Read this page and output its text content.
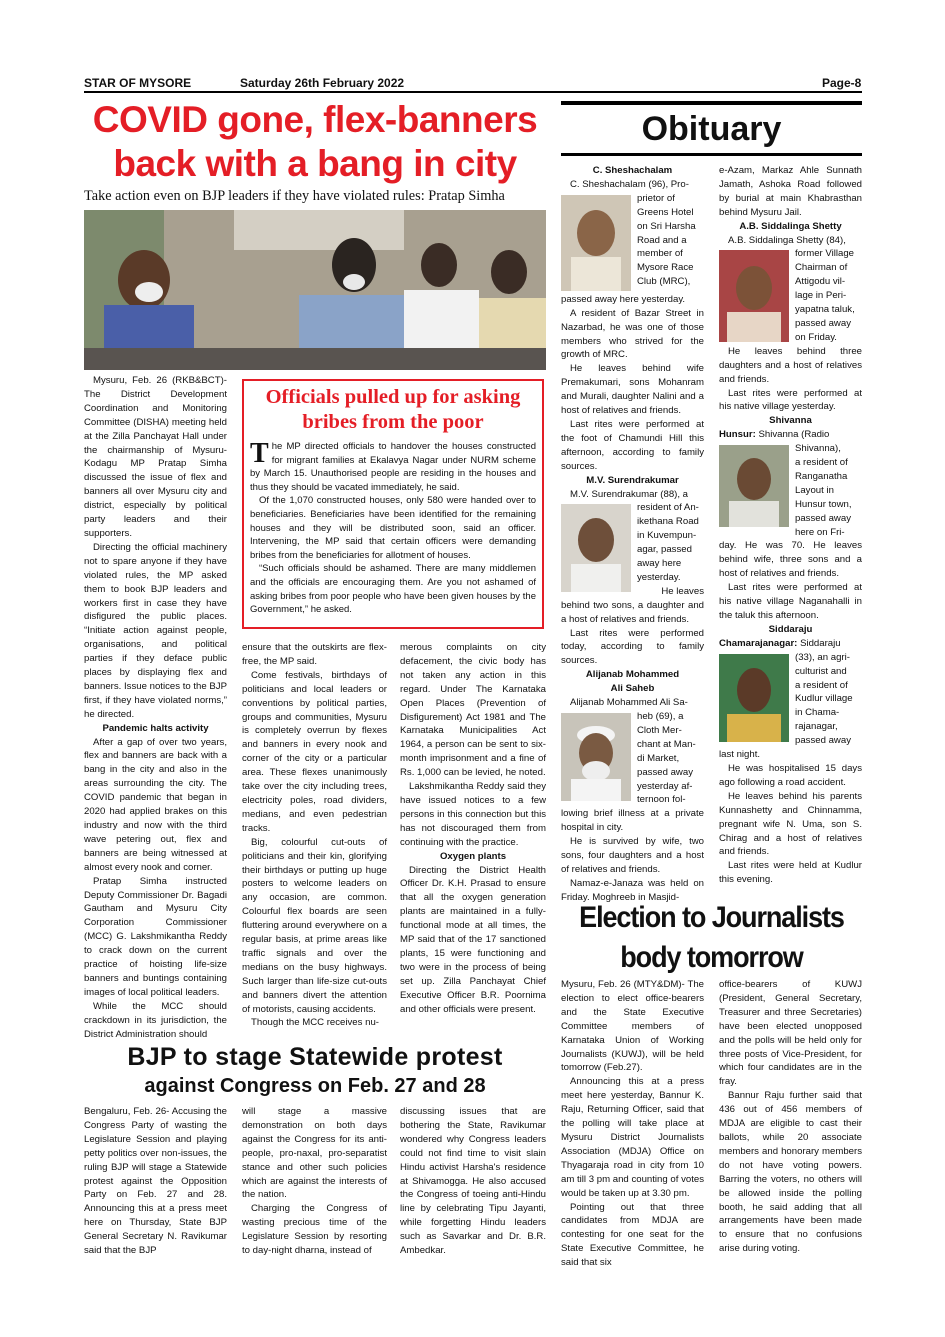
STAR OF MYSORE	Saturday 26th February 2022	Page-8
COVID gone, flex-banners
back with a bang in city
Take action even on BJP leaders if they have violated rules: Pratap Simha

Mysuru, Feb. 26 (RKB&BCT)- The District Development Coordination and Monitoring Committee (DISHA) meeting held at the Zilla Panchayat Hall under the chairmanship of Mysuru-Kodagu MP Pratap Simha discussed the issue of flex and banners all over Mysuru city and district, especially by political party leaders and their supporters.

Directing the official machinery not to spare anyone if they have violated rules, the MP asked them to book BJP leaders and workers first in case they have disfigured the public places. “Initiate action against people, organisations, and political parties if they deface public places by displaying flex and banners. Issue notices to the BJP first, if they have violated norms,” he directed.

Pandemic halts activity

After a gap of over two years, flex and banners are back with a bang in the city and also in the areas surrounding the city. The COVID pandemic that began in 2020 had applied brakes on this industry and now with the third wave petering out, flex and banners are being witnessed at almost every nook and corner.

Pratap Simha instructed Deputy Commissioner Dr. Bagadi Gautham and Mysuru City Corporation Commissioner (MCC) G. Lakshmikantha Reddy to crack down on the current practice of hoisting life-size banners and buntings containing images of local political leaders.

While the MCC should crackdown in its jurisdiction, the District Administration should

Officials pulled up for asking
bribes from the poor

The MP directed officials to handover the houses constructed for migrant families at Ekalavya Nagar under NURM scheme by March 15. Unauthorised people are residing in the houses and thus they should be vacated immediately, he said.

Of the 1,070 constructed houses, only 580 were handed over to beneficiaries. Beneficiaries have been identified for the remaining houses and they will be distributed soon, said an officer. Intervening, the MP said that certain officers were demanding bribes from the beneficiaries for allotment of houses.

“Such officials should be ashamed. There are many middlemen and the officials are encouraging them. Are you not ashamed of asking bribes from poor people who have been given houses by the Government,” he asked.

ensure that the outskirts are flex-free, the MP said.

Come festivals, birthdays of politicians and local leaders or conventions by political parties, groups and communities, Mysuru is completely overrun by flexes and banners in every nook and corner of the city or a particular area. These flexes unanimously take over the city including trees, electricity poles, road dividers, medians, and even pedestrian tracks.

Big, colourful cut-outs of politicians and their kin, glorifying their birthdays or putting up huge posters to welcome leaders on any occasion, are common. Colourful flex boards are seen fluttering around everywhere on a regular basis, at prime areas like traffic signals and over the medians on the busy highways. Such larger than life-size cut-outs and banners divert the attention of motorists, causing accidents.

Though the MCC receives nu-

merous complaints on city defacement, the civic body has not taken any action in this regard. Under The Karnataka Open Places (Prevention of Disfigurement) Act 1981 and The Karnataka Municipalities Act 1964, a person can be sent to six-month imprisonment and a fine of Rs. 1,000 can be levied, he noted.

Lakshmikantha Reddy said they have issued notices to a few persons in this connection but this has not discouraged them from continuing with the practice.

Oxygen plants

Directing the District Health Officer Dr. K.H. Prasad to ensure that all the oxygen generation plants are maintained in a fully-functional mode at all times, the MP said that of the 17 sanctioned plants, 15 were functioning and two were in the process of being set up. Zilla Panchayat Chief Executive Officer B.R. Poornima and other officials were present.

Obituary

C. Sheshachalam

C. Sheshachalam (96), Pro-

prietor of
Greens Hotel
on Sri Harsha
Road and a
member of
Mysore Race
Club (MRC),

passed away here yesterday.

A resident of Bazar Street in Nazarbad, he was one of those members who strived for the growth of MRC.

He leaves behind wife Premakumari, sons Mohanram and Murali, daughter Nalini and a host of relatives and friends.

Last rites were performed at the foot of Chamundi Hill this afternoon, according to family sources.

M.V. Surendrakumar

M.V. Surendrakumar (88), a

resident of An-
ikethana Road
in Kuvempun-
agar, passed
away here
yesterday.
He leaves

behind two sons, a daughter and a host of relatives and friends.

Last rites were performed today, according to family sources.

Alijanab Mohammed

Ali Saheb

Alijanab Mohammed Ali Sa-

heb (69), a
Cloth Mer-
chant at Man-
di Market,
passed away
yesterday af-
ternoon fol-

lowing brief illness at a private hospital in city.

He is survived by wife, two sons, four daughters and a host of relatives and friends.

Namaz-e-Janaza was held on Friday. Moghreeb in Masjid-

e-Azam, Markaz Ahle Sunnath Jamath, Ashoka Road followed by burial at main Khabrasthan behind Mysuru Jail.

A.B. Siddalinga Shetty

A.B. Siddalinga Shetty (84),

former Village
Chairman of
Attigodu vil-
lage in Peri-
yapatna taluk,
passed away
on Friday.

He leaves behind three daughters and a host of relatives and friends.

Last rites were performed at his native village yesterday.

Shivanna

Hunsur: Shivanna (Radio

Shivanna),
a resident of
Ranganatha Layout in
Hunsur town,
passed away
here on Fri-

day. He was 70. He leaves behind wife, three sons and a host of relatives and friends.

Last rites were performed at his native village Naganahalli in the taluk this afternoon.

Siddaraju

Chamarajanagar: Siddaraju

(33), an agri-
culturist and
a resident of
Kudlur village
in Chama-
rajanagar,
passed away

last night.

He was hospitalised 15 days ago following a road accident.

He leaves behind his parents Kunnashetty and Chinnamma, pregnant wife N. Uma, son S. Chirag and a host of relatives and friends.

Last rites were held at Kudlur this evening.

Election to Journalists
body tomorrow

Mysuru, Feb. 26 (MTY&DM)- The election to elect office-bearers and the State Executive Committee members of Karnataka Union of Working Journalists (KUWJ), will be held tomorrow (Feb.27).

Announcing this at a press meet here yesterday, Bannur K. Raju, Returning Officer, said that the polling will take place at Mysuru District Journalists Association (MDJA) Office on Thyagaraja road in city from 10 am till 3 pm and counting of votes would be taken up at 3.30 pm.

Pointing out that three candidates from MDJA are contesting for one seat for the State Executive Committee, he said that six

office-bearers of KUWJ (President, General Secretary, Treasurer and three Secretaries) have been elected unopposed and the polls will be held only for three posts of Vice-President, for which four candidates are in the fray.

Bannur Raju further said that 436 out of 456 members of MDJA are eligible to cast their ballots, while 20 associate members and honorary members do not have voting powers. Barring the voters, no others will be allowed inside the polling booth, he said adding that all arrangements have been made to ensure that no confusions arise during voting.

BJP to stage Statewide protest
against Congress on Feb. 27 and 28

Bengaluru, Feb. 26- Accusing the Congress Party of wasting the Legislature Session and playing petty politics over non-issues, the ruling BJP will stage a Statewide protest against the Opposition Party on Feb. 27 and 28. Announcing this at a press meet here on Thursday, State BJP General Secretary N. Ravikumar said that the BJP

will stage a massive demonstration on both days against the Congress for its anti-people, pro-naxal, pro-separatist stance and other such policies which are against the interests of the nation.

Charging the Congress of wasting precious time of the Legislature Session by resorting to day-night dharna, instead of

discussing issues that are bothering the State, Ravikumar wondered why Congress leaders could not find time to visit slain Hindu activist Harsha's residence at Shivamogga. He also accused the Congress of toeing anti-Hindu line by celebrating Tipu Jayanti, while forgetting Hindu leaders such as Savarkar and Dr. B.R. Ambedkar.
